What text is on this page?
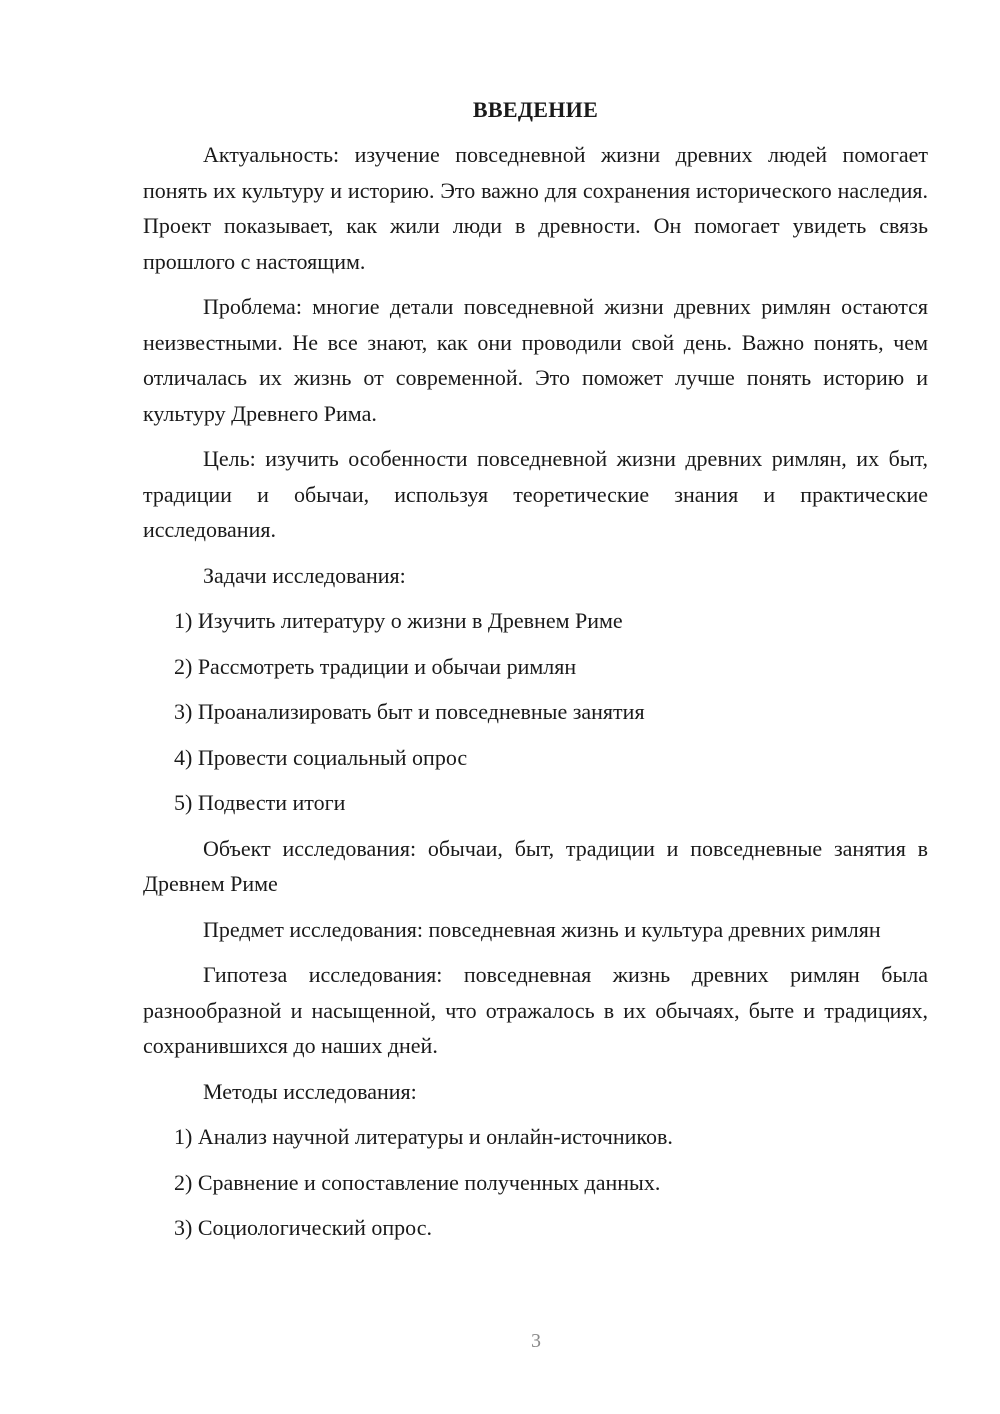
ВВЕДЕНИЕ

Актуальность: изучение повседневной жизни древних людей помогает понять их культуру и историю. Это важно для сохранения исторического наследия. Проект показывает, как жили люди в древности. Он помогает увидеть связь прошлого с настоящим.

Проблема: многие детали повседневной жизни древних римлян остаются неизвестными. Не все знают, как они проводили свой день. Важно понять, чем отличалась их жизнь от современной. Это поможет лучше понять историю и культуру Древнего Рима.

Цель: изучить особенности повседневной жизни древних римлян, их быт, традиции и обычаи, используя теоретические знания и практические исследования.

Задачи исследования:

1) Изучить литературу о жизни в Древнем Риме

2) Рассмотреть традиции и обычаи римлян

3) Проанализировать быт и повседневные занятия

4) Провести социальный опрос

5) Подвести итоги

Объект исследования: обычаи, быт, традиции и повседневные занятия в Древнем Риме

Предмет исследования: повседневная жизнь и культура древних римлян

Гипотеза исследования: повседневная жизнь древних римлян была разнообразной и насыщенной, что отражалось в их обычаях, быте и традициях, сохранившихся до наших дней.

Методы исследования:

1) Анализ научной литературы и онлайн-источников.

2) Сравнение и сопоставление полученных данных.

3) Социологический опрос.

3
